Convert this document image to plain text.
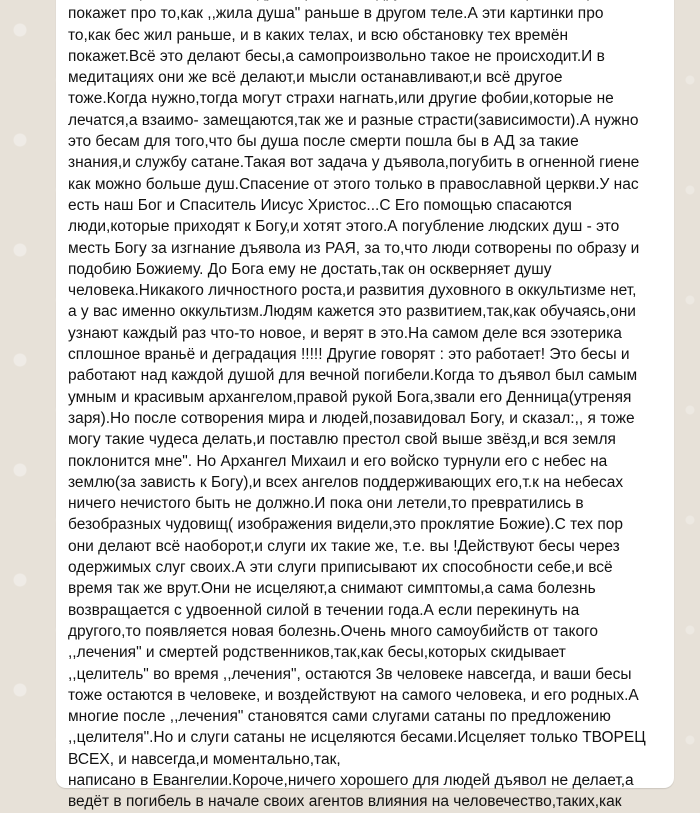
покажет про то,как ,,жила душа" раньше в другом теле.А эти картинки про
то,как бес жил раньше, и в каких телах, и всю обстановку тех времён
покажет.Всё это делают бесы,а самопроизвольно такое не происходит.И в
медитациях они же всё делают,и мысли останавливают,и всё другое
тоже.Когда нужно,тогда могут страхи нагнать,или другие фобии,которые не
лечатся,а взаимо- замещаются,так же и разные страсти(зависимости).А нужно
это бесам для того,что бы душа после смерти пошла бы в АД за такие
знания,и службу сатане.Такая вот задача у дъявола,погубить в огненной гиене
как можно больше душ.Спасение от этого только в православной церкви.У нас
есть наш Бог и Спаситель Иисус Христос...С Его помощью спасаются
люди,которые приходят к Богу,и хотят этого.А погубление людских душ - это
месть Богу за изгнание дъявола из РАЯ, за то,что люди сотворены по образу и
подобию Божиему. До Бога ему не достать,так он оскверняет душу
человека.Никакого личностного роста,и развития духовного в оккультизме нет,
а у вас именно оккультизм.Людям кажется это развитием,так,как обучаясь,они
узнают каждый раз что-то новое, и верят в это.На самом деле вся эзотерика
сплошное враньё и деградация !!!!! Другие говорят : это работает! Это бесы и
работают над каждой душой для вечной погибели.Когда то дъявол был самым
умным и красивым архангелом,правой рукой Бога,звали его Денница(утреняя
заря).Но после сотворения мира и людей,позавидовал Богу, и сказал:,, я тоже
могу такие чудеса делать,и поставлю престол свой выше звёзд,и вся земля
поклонится мне". Но Архангел Михаил и его войско турнули его с небес на
землю(за зависть к Богу),и всех ангелов поддерживающих его,т.к на небесах
ничего нечистого быть не должно.И пока они летели,то превратились в
безобразных чудовищ( изображения видели,это проклятие Божие).С тех пор
они делают всё наоборот,и слуги их такие же, т.е. вы !Действуют бесы через
одержимых слуг своих.А эти слуги приписывают их способности себе,и всё
время так же врут.Они не исцеляют,а снимают симптомы,а сама болезнь
возвращается с удвоенной силой в течении года.А если перекинуть на
другого,то появляется новая болезнь.Очень много самоубийств от такого
,,лечения" и смертей родственников,так,как бесы,которых скидывает
,,целитель" во время ,,лечения", остаются 3в человеке навсегда, и ваши бесы
тоже остаются в человеке, и воздействуют на самого человека, и его родных.А
многие после ,,лечения" становятся сами слугами сатаны по предложению
,,целителя".Но и слуги сатаны не исцеляются бесами.Исцеляет только ТВОРЕЦ
ВСЕХ, и навсегда,и моментально,так,
написано в Евангелии.Короче,ничего хорошего для людей дъявол не делает,а
ведёт в погибель в начале своих агентов влияния на человечество,таких,как
